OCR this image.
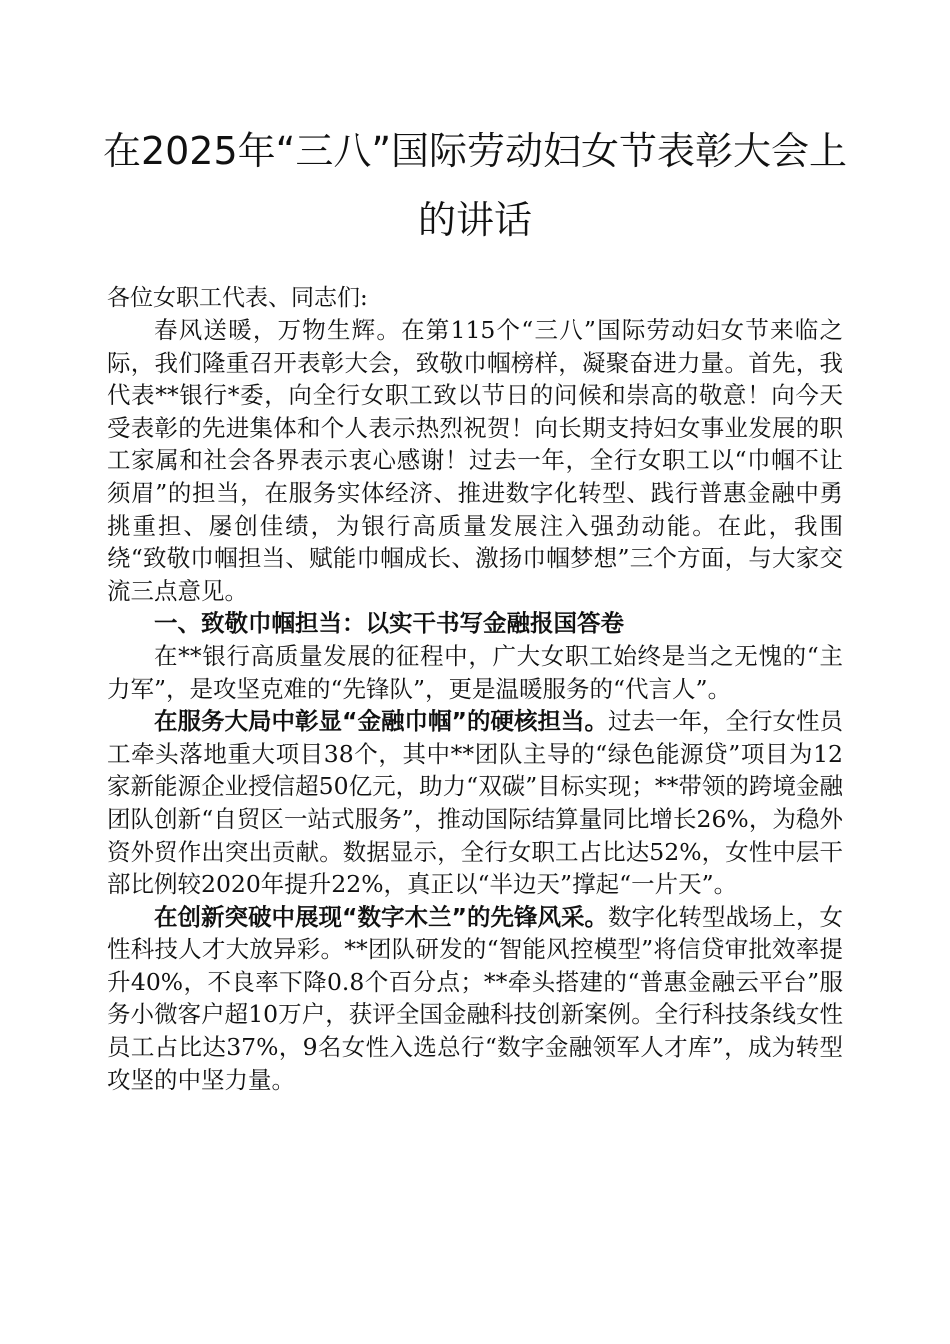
在2025年“三八”国际劳动妇女节表彰大会上
的讲话
各位女职工代表、同志们:

春风送暖，万物生辉。在第115个“三八”国际劳动妇女节来临之际，我们隆重召开表彰大会，致敬巾帼榜样，凝聚奋进力量。首先，我代表**银行*委，向全行女职工致以节日的问候和崇高的敬意！向今天受表彰的先进集体和个人表示热烈祝贺！向长期支持妇女事业发展的职工家属和社会各界表示衷心感谢！过去一年，全行女职工以“巾帼不让须眉”的担当，在服务实体经济、推进数字化转型、践行普惠金融中勇挑重担、屡创佳绩，为银行高质量发展注入强劲动能。在此，我围绕“致敬巾帼担当、赋能巾帼成长、激扬巾帼梦想”三个方面，与大家交流三点意见。

一、致敬巾帼担当：以实干书写金融报国答卷

在**银行高质量发展的征程中，广大女职工始终是当之无愧的“主力军”，是攻坚克难的“先锋队”，更是温暖服务的“代言人”。

在服务大局中彰显“金融巾帼”的硬核担当。过去一年，全行女性员工牵头落地重大项目38个，其中**团队主导的“绿色能源贷”项目为12家新能源企业授信超50亿元，助力“双碳”目标实现；**带领的跨境金融团队创新“自贸区一站式服务”，推动国际结算量同比增长26%，为稳外资外贸作出突出贡献。数据显示，全行女职工占比达52%，女性中层干部比例较2020年提升22%，真正以“半边天”撑起“一片天”。

在创新突破中展现“数字木兰”的先锋风采。数字化转型战场上，女性科技人才大放异彩。**团队研发的“智能风控模型”将信贷审批效率提升40%，不良率下降0.8个百分点；**牵头搭建的“普惠金融云平台”服务小微客户超10万户，获评全国金融科技创新案例。全行科技条线女性员工占比达37%，9名女性入选总行“数字金融领军人才库”，成为转型攻坚的中坚力量。
